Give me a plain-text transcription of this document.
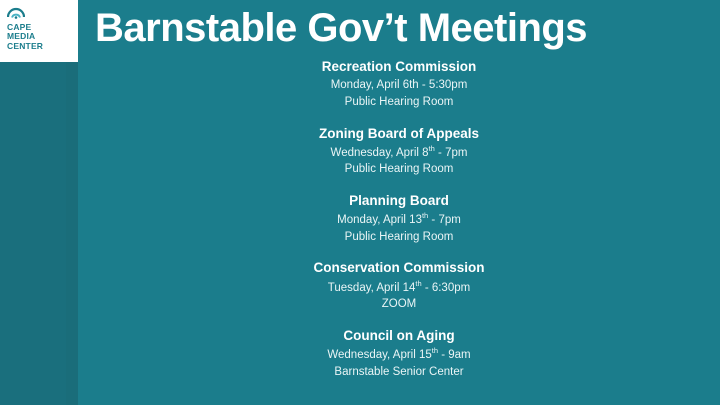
CAPE
MEDIA
CENTER Barnstable Gov’t Meetings
Recreation Commission
Monday, April 6th - 5:30pm
Public Hearing Room
Zoning Board of Appeals
Wednesday, April 8th - 7pm
Public Hearing Room
Planning Board
Monday, April 13th - 7pm
Public Hearing Room
Conservation Commission
Tuesday, April 14th - 6:30pm
ZOOM
Council on Aging
Wednesday, April 15th - 9am
Barnstable Senior Center
